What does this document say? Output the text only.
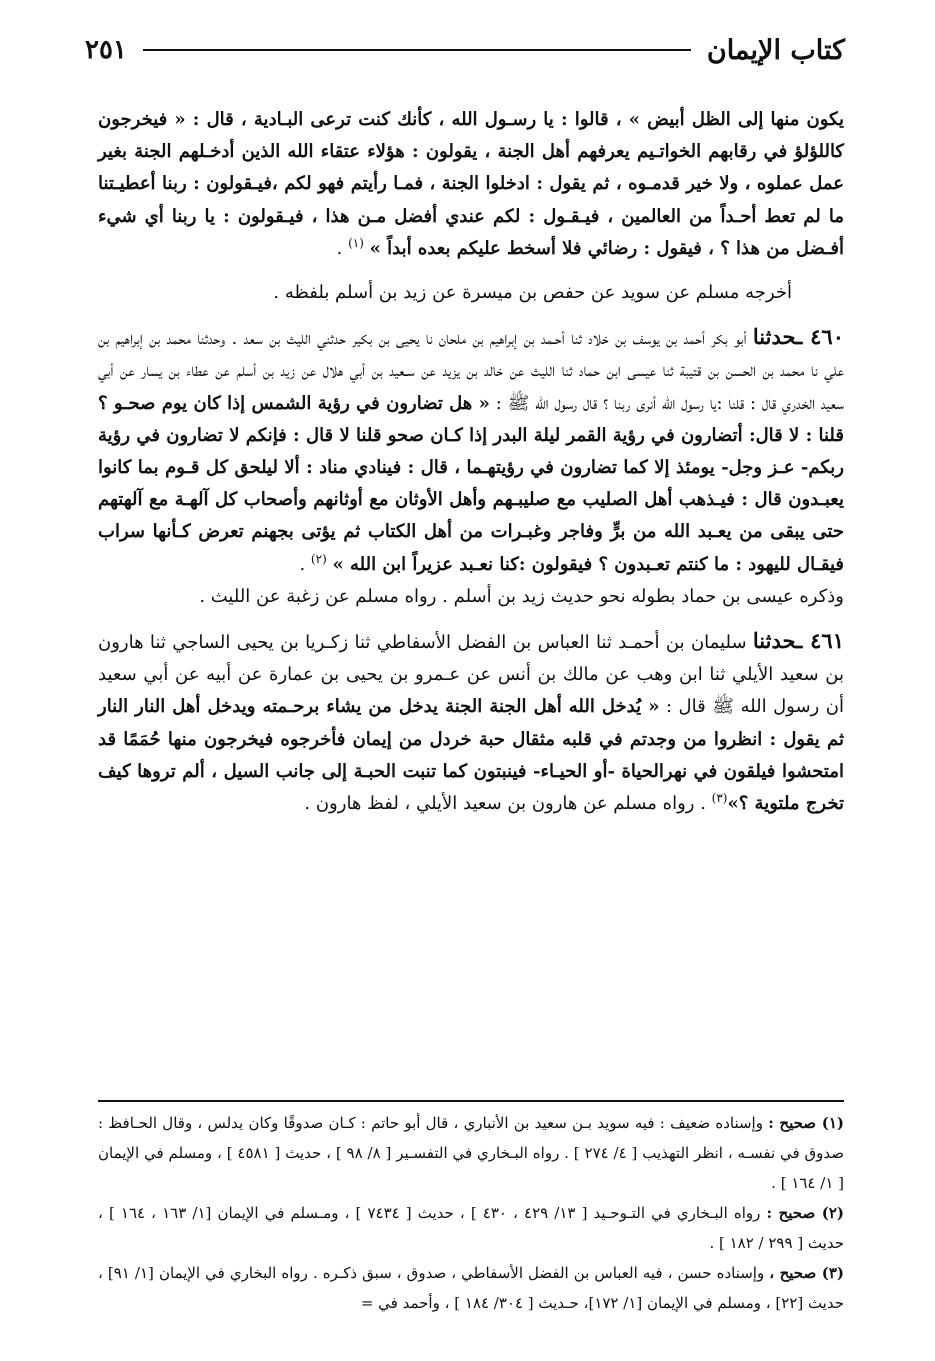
٢٥١	كتاب الإيمان

يكون منها إلى الظل أبيض » ، قالوا : يا رسـول الله ، كأنك كنت ترعى البـادية ، قال : « فيخرجون كاللؤلؤ في رقابهم الخواتـيم يعرفهم أهل الجنة ، يقولون : هؤلاء عتقاء الله الذين أدخـلهم الجنة بغير عمل عملوه ، ولا خير قدمـوه ، ثم يقول : ادخلوا الجنة ، فمـا رأيتم فهو لكم ،فيـقولون : ربنا أعطيـتنا ما لم تعط أحـداً من العالمين ، فيـقـول : لكم عندي أفضل مـن هذا ، فيـقولون : يا ربنا أي شيء أفـضل من هذا ؟ ، فيقول : رضائي فلا أسخط عليكم بعده أبداً » $^{(١)}$ .

أخرجه مسلم عن سويد عن حفص بن ميسرة عن زيد بن أسلم بلفظه .

٤٦٠ ـحدثنا أبو بكر أحمد بن يوسف بن خلاد ثنا أحـمد بن إبراهيم بن ملحان نا يحيى بن بكير حدثني الليث بن سعد . وحدثنا محمد بن إبراهيم بن علي نا محمد بن الحسن بن قتيبة ثنا عيسى ابن حماد ثنا الليث عن خالد بن يزيد عن سـعيد بن أبي هلال عن زيد بن أسلم عن عطاء بن يسار عن أبي سعيد الخدري قال : قلنا :يا رسول الله أنرى ربنا ؟ قال رسول الله ﷺ : « هل تضارون في رؤية الشمس إذا كان يوم صحـو ؟ قلنا : لا قال: أتضارون في رؤية القمر ليلة البدر إذا كـان صحو قلنا لا قال : فإنكم لا تضارون في رؤية ربكم- عـز وجل- يومئذ إلا كما تضارون في رؤيتهـما ، قال : فينادي مناد : ألا ليلحق كل قـوم بما كانوا يعبـدون قال : فيـذهب أهل الصليب مع صليبـهم وأهل الأوثان مع أوثانهم وأصحاب كل آلهـة مع آلهتهم حتى يبقى من يعـبد الله من برٍّ وفاجر وغبـرات من أهل الكتاب ثم يؤتى بجهنم تعرض كـأنها سراب فيقـال لليهود : ما كنتم تعـبدون ؟ فيقولون :كنا نعـبد عزيراً ابن الله » $^{(٢)}$ .

وذكره عيسى بن حماد بطوله نحو حديث زيد بن أسلم . رواه مسلم عن زغبة عن الليث .

٤٦١ ـحدثنا سليمان بن أحمـد ثنا العباس بن الفضل الأسفاطي ثنا زكـريا بن يحيى الساجي ثنا هارون بن سعيد الأيلي ثنا ابن وهب عن مالك بن أنس عن عـمرو بن يحيى بن عمارة عن أبيه عن أبي سعيد أن رسول الله ﷺ قال : « يُدخل الله أهل الجنة الجنة يدخل من يشاء برحـمته ويدخل أهل النار النار ثم يقول : انظروا من وجدتم في قلبه مثقال حبة خردل من إيمان فأخرجوه فيخرجون منها حُمَمًا قد امتحشوا فيلقون في نهرالحياة -أو الحيـاء- فينبتون كما تنبت الحبـة إلى جانب السيل ، ألم تروها كيف تخرج ملتوية ؟»$^{(٣)}$ . رواه مسلم عن هارون بن سعيد الأيلي ، لفظ هارون .

(١) صحيح : وإسناده ضعيف : فيه سويد بـن سعيد بن الأنباري ، قال أبو حاتم : كـان صدوقًا وكان يدلس ، وقال الحـافظ : صدوق في نفسـه ، انظر التهذيب [ ٤/ ٢٧٤ ] . رواه البـخاري في التفسـير [ ٨/ ٩٨ ] ، حديث [ ٤٥٨١ ] ، ومسلم في الإيمان [ ١/ ١٦٤ ] .

(٢) صحيح : رواه البـخاري في التـوحـيد [ ١٣/ ٤٢٩ ، ٤٣٠ ] ، حديث [ ٧٤٣٤ ] ، ومـسلم في الإيمان [١/ ١٦٣ ، ١٦٤ ] ، حديث [ ٢٩٩ / ١٨٢ ] .

(٣) صحيح ، وإسناده حسن ، فيه العباس بن الفضل الأسفاطي ، صدوق ، سبق ذكـره . رواه البخاري في الإيمان [١/ ٩١] ، حديث [٢٢] ، ومسلم في الإيمان [١/ ١٧٢]، حـديث [ ٣٠٤/ ١٨٤ ] ، وأحمد في =
